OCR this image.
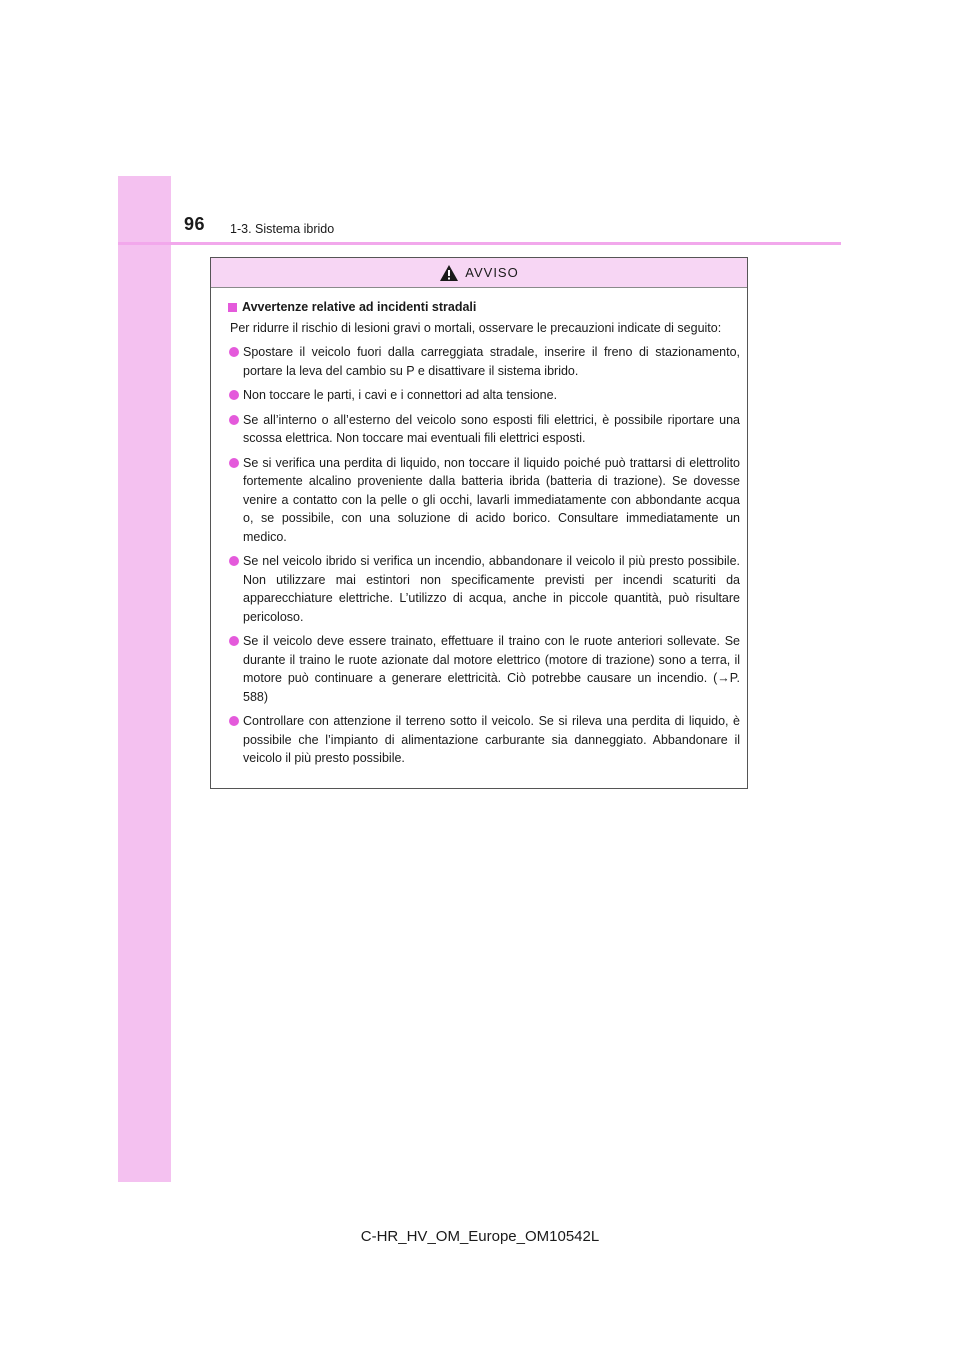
96 1-3. Sistema ibrido
AVVISO
Avvertenze relative ad incidenti stradali

Per ridurre il rischio di lesioni gravi o mortali, osservare le precauzioni indicate di seguito:

Spostare il veicolo fuori dalla carreggiata stradale, inserire il freno di stazionamento, portare la leva del cambio su P e disattivare il sistema ibrido.
Non toccare le parti, i cavi e i connettori ad alta tensione.
Se all’interno o all’esterno del veicolo sono esposti fili elettrici, è possibile riportare una scossa elettrica. Non toccare mai eventuali fili elettrici esposti.
Se si verifica una perdita di liquido, non toccare il liquido poiché può trattarsi di elettrolito fortemente alcalino proveniente dalla batteria ibrida (batteria di trazione). Se dovesse venire a contatto con la pelle o gli occhi, lavarli immediatamente con abbondante acqua o, se possibile, con una soluzione di acido borico. Consultare immediatamente un medico.
Se nel veicolo ibrido si verifica un incendio, abbandonare il veicolo il più presto possibile. Non utilizzare mai estintori non specificamente previsti per incendi scaturiti da apparecchiature elettriche. L’utilizzo di acqua, anche in piccole quantità, può risultare pericoloso.
Se il veicolo deve essere trainato, effettuare il traino con le ruote anteriori sollevate. Se durante il traino le ruote azionate dal motore elettrico (motore di trazione) sono a terra, il motore può continuare a generare elettricità. Ciò potrebbe causare un incendio. (→P. 588)
Controllare con attenzione il terreno sotto il veicolo. Se si rileva una perdita di liquido, è possibile che l’impianto di alimentazione carburante sia danneggiato. Abbandonare il veicolo il più presto possibile.
C-HR_HV_OM_Europe_OM10542L
